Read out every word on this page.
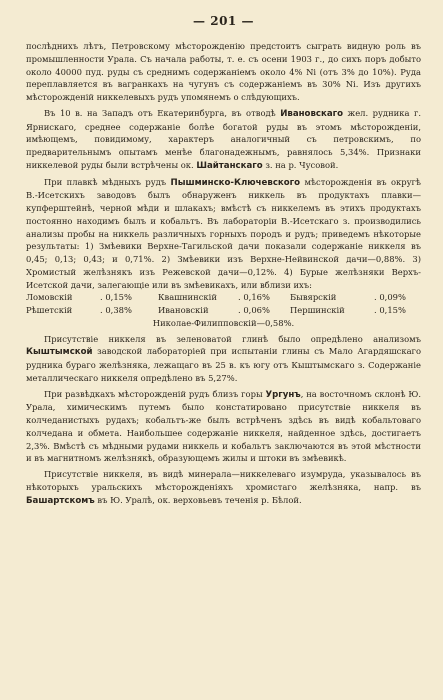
— 201 —

послѣднихъ лѣтъ, Петровскому мѣсторожденію предстоитъ сыграть видную роль въ промышленности Урала. Съ начала работы, т. е. съ осени 1903 г., до сихъ поръ добыто около 40000 пуд. руды съ среднимъ содержаніемъ около 4% Ni (отъ 3% до 10%). Руда переплавляется въ вагранкахъ на чугунъ съ содержаніемъ въ 30% Ni. Изъ другихъ мѣсторожденій никкелевыхъ рудъ упомянемъ о слѣдующихъ.

Въ 10 в. на Западъ отъ Екатеринбурга, въ отводѣ Ивановскаго жел. рудника г. Ярнискаго, среднее содержаніе болѣе богатой руды въ этомъ мѣсторожденіи, имѣющемъ, повидимому, характеръ аналогичный съ петровскимъ, по предварительнымъ опытамъ менѣе благонадежнымъ, равнялось 5,34%. Признаки никкелевой руды были встрѣчены ок. Шайтанскаго з. на р. Чусовой.

При плавкѣ мѣдныхъ рудъ Пышминско-Ключевского мѣсторожденія въ округѣ В.-Исетскихъ заводовъ былъ обнаруженъ никкель въ продуктахъ плавки—купферштейнѣ, черной мѣди и шлакахъ; вмѣстѣ съ никкелемъ въ этихъ продуктахъ постоянно находимъ былъ и кобальтъ. Въ лабораторіи В.-Исетскаго з. производились анализы пробы на никкель различныхъ горныхъ породъ и рудъ; приведемъ нѣкоторые результаты: 1) Змѣевики Верхне-Тагильской дачи показали содержаніе никкеля въ 0,45; 0,13; 0,43; и 0,71%. 2) Змѣевики изъ Верхне-Нейвинской дачи—0,88%. 3) Хромистый желѣзнякъ изъ Режевской дачи—0,12%. 4) Бурые желѣзняки Верхъ-Исетской дачи, залегающіе или въ змѣевикахъ, или вблизи ихъ:

Ломовскій	. 0,15%	Квашнинскій	. 0,16% Бывярскій	. 0,09%
Рѣшетскій	. 0,38%	Ивановскій	. 0,06% Першинскій	. 0,15%

Николае-Филипповскій—0,58%.

Присутствіе никкеля въ зеленоватой глинѣ было опредѣлено анализомъ Кыштымской заводской лабораторіей при испытаніи глины съ Мало Агардяшскаго рудника бураго желѣзняка, лежащаго въ 25 в. къ югу отъ Кыштымскаго з. Содержаніе металлическаго никкеля опредѣлено въ 5,27%.

При развѣдкахъ мѣсторожденій рудъ близъ горы Ургунъ, на восточномъ склонѣ Ю. Урала, химическимъ путемъ было констатировано присутствіе никкеля въ колчеданистыхъ рудахъ; кобальтъ-же былъ встрѣченъ здѣсь въ видѣ кобальтоваго колчедана и обмета. Наибольшее содержаніе никкеля, найденное здѣсь, достигаетъ 2,3%. Вмѣстѣ съ мѣдными рудами никкель и кобальтъ заключаются въ этой мѣстности и въ магнитномъ желѣзнякѣ, образующемъ жилы и штоки въ змѣевикѣ.

Присутствіе никкеля, въ видѣ минерала—никкелеваго изумруда, указывалось въ нѣкоторыхъ уральскихъ мѣсторожденіяхъ хромистаго желѣзняка, напр. въ Башартскомъ въ Ю. Уралѣ, ок. верховьевъ теченія р. Бѣлой.
